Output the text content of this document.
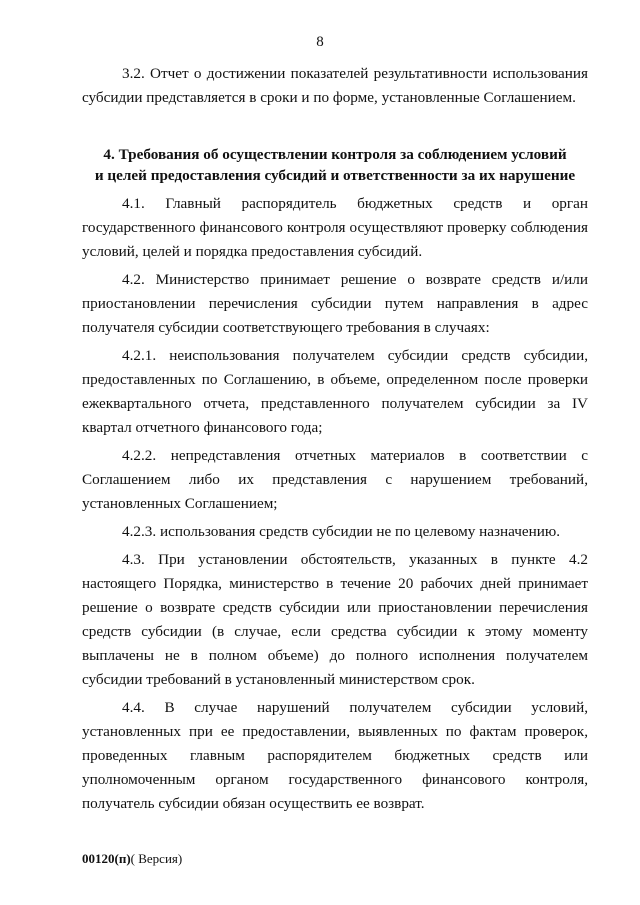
8

3.2. Отчет о достижении показателей результативности использования субсидии представляется в сроки и по форме, установленные Соглашением.

4. Требования об осуществлении контроля за соблюдением условий
и целей предоставления субсидий и ответственности за их нарушение

4.1. Главный распорядитель бюджетных средств и орган государственного финансового контроля осуществляют проверку соблюдения условий, целей и порядка предоставления субсидий.

4.2. Министерство принимает решение о возврате средств и/или приостановлении перечисления субсидии путем направления в адрес получателя субсидии соответствующего требования в случаях:

4.2.1. неиспользования получателем субсидии средств субсидии, предоставленных по Соглашению, в объеме, определенном после проверки ежеквартального отчета, представленного получателем субсидии за IV квартал отчетного финансового года;

4.2.2. непредставления отчетных материалов в соответствии с Соглашением либо их представления с нарушением требований, установленных Соглашением;

4.2.3. использования средств субсидии не по целевому назначению.

4.3. При установлении обстоятельств, указанных в пункте 4.2 настоящего Порядка, министерство в течение 20 рабочих дней принимает решение о возврате средств субсидии или приостановлении перечисления средств субсидии (в случае, если средства субсидии к этому моменту выплачены не в полном объеме) до полного исполнения получателем субсидии требований в установленный министерством срок.

4.4. В случае нарушений получателем субсидии условий, установленных при ее предоставлении, выявленных по фактам проверок, проведенных главным распорядителем бюджетных средств или уполномоченным органом государственного финансового контроля, получатель субсидии обязан осуществить ее возврат.

00120(п)( Версия)
